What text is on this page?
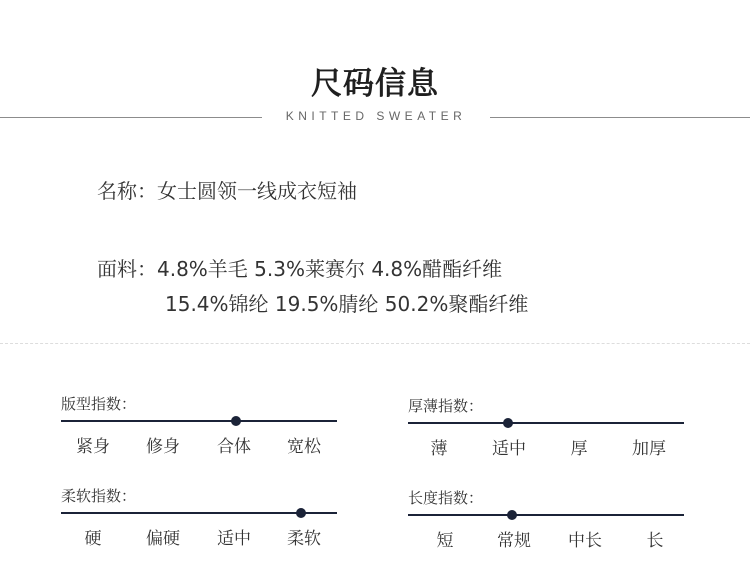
尺码信息
KNITTED SWEATER
名称：女士圆领一线成衣短袖
面料：4.8%羊毛 5.3%莱赛尔 4.8%醋酯纤维
15.4%锦纶 19.5%腈纶 50.2%聚酯纤维
版型指数：
紧身	修身	合体	宽松
厚薄指数：
薄	适中	厚	加厚
柔软指数：
硬	偏硬	适中	柔软
长度指数：
短	常规	中长	长
